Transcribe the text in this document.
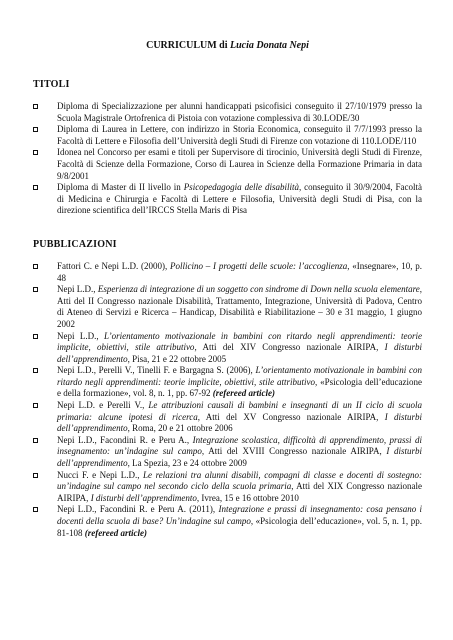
CURRICULUM di Lucia Donata Nepi
TITOLI
Diploma di Specializzazione per alunni handicappati psicofisici conseguito il 27/10/1979 presso la Scuola Magistrale Ortofrenica di Pistoia con votazione complessiva di 30.LODE/30
Diploma di Laurea in Lettere, con indirizzo in Storia Economica, conseguito il 7/7/1993 presso la Facoltà di Lettere e Filosofia dell’Università degli Studi di Firenze con votazione di 110.LODE/110
Idonea nel Concorso per esami e titoli per Supervisore di tirocinio, Università degli Studi di Firenze, Facoltà di Scienze della Formazione, Corso di Laurea in Scienze della Formazione Primaria in data 9/8/2001
Diploma di Master di II livello in Psicopedagogia delle disabilità, conseguito il 30/9/2004, Facoltà di Medicina e Chirurgia e Facoltà di Lettere e Filosofia, Università degli Studi di Pisa, con la direzione scientifica dell’IRCCS Stella Maris di Pisa
PUBBLICAZIONI
Fattori C. e Nepi L.D. (2000), Pollicino – I progetti delle scuole: l’accoglienza, «Insegnare», 10, p. 48
Nepi L.D., Esperienza di integrazione di un soggetto con sindrome di Down nella scuola elementare, Atti del II Congresso nazionale Disabilità, Trattamento, Integrazione, Università di Padova, Centro di Ateneo di Servizi e Ricerca – Handicap, Disabilità e Riabilitazione – 30 e 31 maggio, 1 giugno 2002
Nepi L.D., L’orientamento motivazionale in bambini con ritardo negli apprendimenti: teorie implicite, obiettivi, stile attributivo, Atti del XIV Congresso nazionale AIRIPA, I disturbi dell’apprendimento, Pisa, 21 e 22 ottobre 2005
Nepi L.D., Perelli V., Tinelli F. e Bargagna S. (2006), L’orientamento motivazionale in bambini con ritardo negli apprendimenti: teorie implicite, obiettivi, stile attributivo, «Psicologia dell’educazione e della formazione», vol. 8, n. 1, pp. 67-92 (refereed article)
Nepi L.D. e Perelli V., Le attribuzioni causali di bambini e insegnanti di un II ciclo di scuola primaria: alcune ipotesi di ricerca, Atti del XV Congresso nazionale AIRIPA, I disturbi dell’apprendimento, Roma, 20 e 21 ottobre 2006
Nepi L.D., Facondini R. e Peru A., Integrazione scolastica, difficoltà di apprendimento, prassi di insegnamento: un’indagine sul campo, Atti del XVIII Congresso nazionale AIRIPA, I disturbi dell’apprendimento, La Spezia, 23 e 24 ottobre 2009
Nucci F. e Nepi L.D., Le relazioni tra alunni disabili, compagni di classe e docenti di sostegno: un’indagine sul campo nel secondo ciclo della scuola primaria, Atti del XIX Congresso nazionale AIRIPA, I disturbi dell’apprendimento, Ivrea, 15 e 16 ottobre 2010
Nepi L.D., Facondini R. e Peru A. (2011), Integrazione e prassi di insegnamento: cosa pensano i docenti della scuola di base? Un’indagine sul campo, «Psicologia dell’educazione», vol. 5, n. 1, pp. 81-108 (refereed article)
